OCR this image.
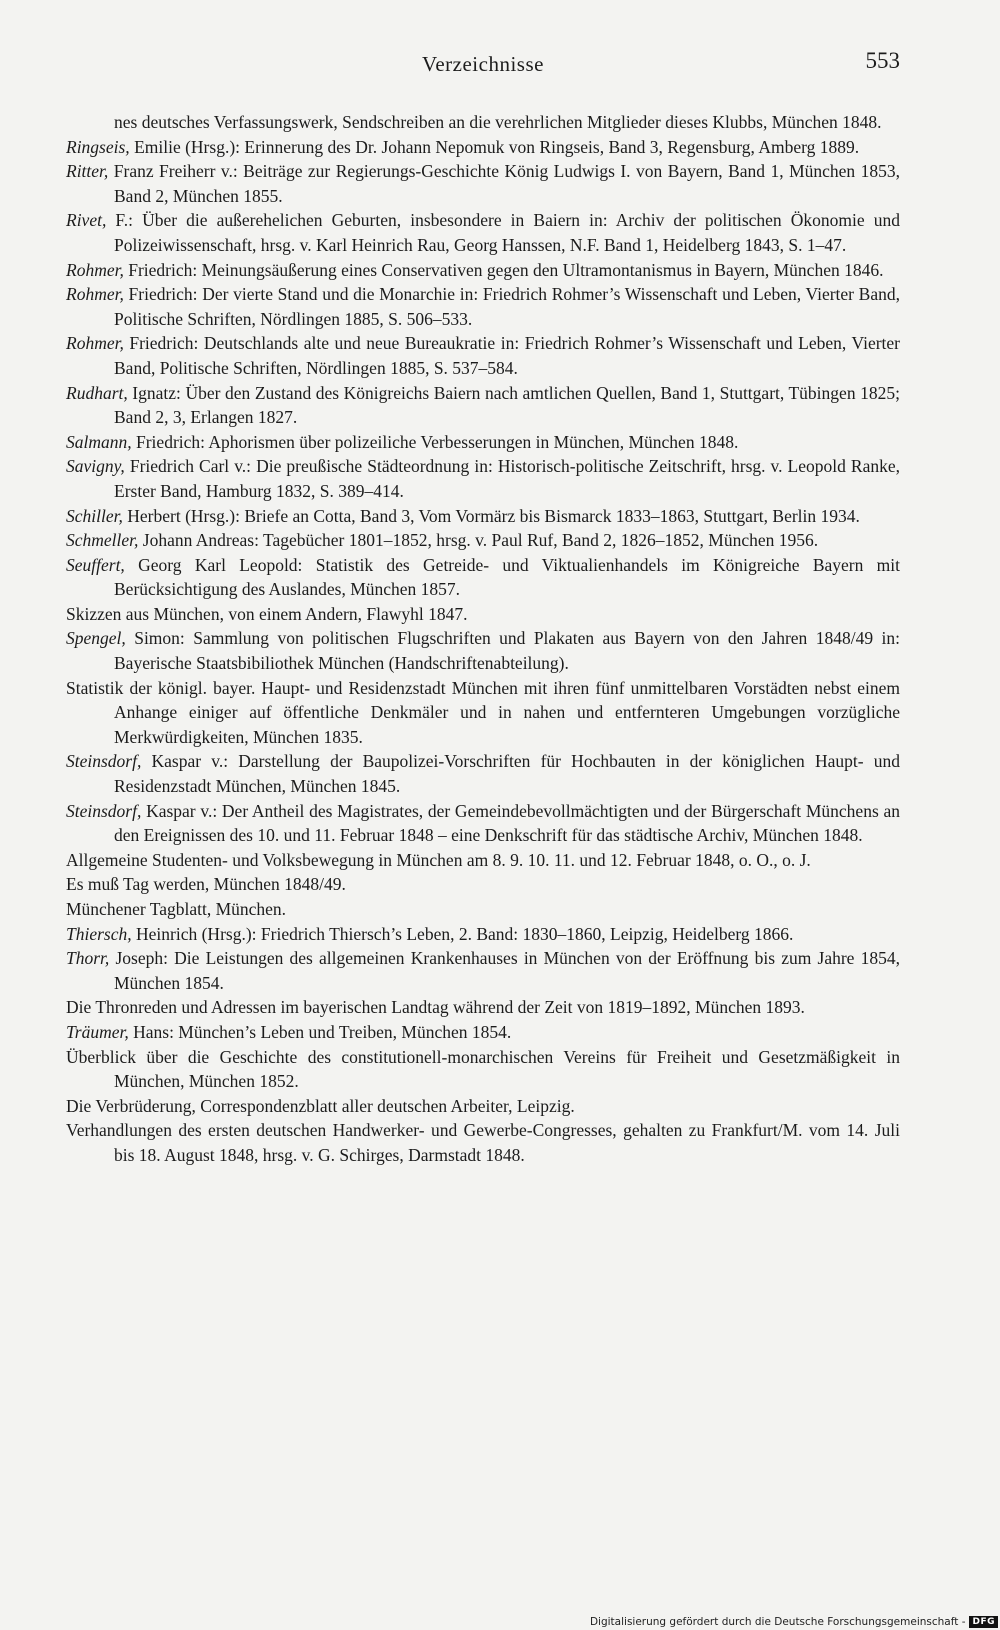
Verzeichnisse	553
nes deutsches Verfassungswerk, Sendschreiben an die verehrlichen Mitglieder dieses Klubbs, München 1848.
Ringseis, Emilie (Hrsg.): Erinnerung des Dr. Johann Nepomuk von Ringseis, Band 3, Regensburg, Amberg 1889.
Ritter, Franz Freiherr v.: Beiträge zur Regierungs-Geschichte König Ludwigs I. von Bayern, Band 1, München 1853, Band 2, München 1855.
Rivet, F.: Über die außerehelichen Geburten, insbesondere in Baiern in: Archiv der politischen Ökonomie und Polizeiwissenschaft, hrsg. v. Karl Heinrich Rau, Georg Hanssen, N.F. Band 1, Heidelberg 1843, S. 1–47.
Rohmer, Friedrich: Meinungsäußerung eines Conservativen gegen den Ultramontanismus in Bayern, München 1846.
Rohmer, Friedrich: Der vierte Stand und die Monarchie in: Friedrich Rohmer’s Wissenschaft und Leben, Vierter Band, Politische Schriften, Nördlingen 1885, S. 506–533.
Rohmer, Friedrich: Deutschlands alte und neue Bureaukratie in: Friedrich Rohmer’s Wissenschaft und Leben, Vierter Band, Politische Schriften, Nördlingen 1885, S. 537–584.
Rudhart, Ignatz: Über den Zustand des Königreichs Baiern nach amtlichen Quellen, Band 1, Stuttgart, Tübingen 1825; Band 2, 3, Erlangen 1827.
Salmann, Friedrich: Aphorismen über polizeiliche Verbesserungen in München, München 1848.
Savigny, Friedrich Carl v.: Die preußische Städteordnung in: Historisch-politische Zeitschrift, hrsg. v. Leopold Ranke, Erster Band, Hamburg 1832, S. 389–414.
Schiller, Herbert (Hrsg.): Briefe an Cotta, Band 3, Vom Vormärz bis Bismarck 1833–1863, Stuttgart, Berlin 1934.
Schmeller, Johann Andreas: Tagebücher 1801–1852, hrsg. v. Paul Ruf, Band 2, 1826–1852, München 1956.
Seuffert, Georg Karl Leopold: Statistik des Getreide- und Viktualienhandels im Königreiche Bayern mit Berücksichtigung des Auslandes, München 1857.
Skizzen aus München, von einem Andern, Flawyhl 1847.
Spengel, Simon: Sammlung von politischen Flugschriften und Plakaten aus Bayern von den Jahren 1848/49 in: Bayerische Staatsbibiliothek München (Handschriftenabteilung).
Statistik der königl. bayer. Haupt- und Residenzstadt München mit ihren fünf unmittelbaren Vorstädten nebst einem Anhange einiger auf öffentliche Denkmäler und in nahen und entfernteren Umgebungen vorzügliche Merkwürdigkeiten, München 1835.
Steinsdorf, Kaspar v.: Darstellung der Baupolizei-Vorschriften für Hochbauten in der königlichen Haupt- und Residenzstadt München, München 1845.
Steinsdorf, Kaspar v.: Der Antheil des Magistrates, der Gemeindebevollmächtigten und der Bürgerschaft Münchens an den Ereignissen des 10. und 11. Februar 1848 – eine Denkschrift für das städtische Archiv, München 1848.
Allgemeine Studenten- und Volksbewegung in München am 8. 9. 10. 11. und 12. Februar 1848, o. O., o. J.
Es muß Tag werden, München 1848/49.
Münchener Tagblatt, München.
Thiersch, Heinrich (Hrsg.): Friedrich Thiersch’s Leben, 2. Band: 1830–1860, Leipzig, Heidelberg 1866.
Thorr, Joseph: Die Leistungen des allgemeinen Krankenhauses in München von der Eröffnung bis zum Jahre 1854, München 1854.
Die Thronreden und Adressen im bayerischen Landtag während der Zeit von 1819–1892, München 1893.
Träumer, Hans: München’s Leben und Treiben, München 1854.
Überblick über die Geschichte des constitutionell-monarchischen Vereins für Freiheit und Gesetzmäßigkeit in München, München 1852.
Die Verbrüderung, Correspondenzblatt aller deutschen Arbeiter, Leipzig.
Verhandlungen des ersten deutschen Handwerker- und Gewerbe-Congresses, gehalten zu Frankfurt/M. vom 14. Juli bis 18. August 1848, hrsg. v. G. Schirges, Darmstadt 1848.
Digitalisierung gefördert durch die Deutsche Forschungsgemeinschaft - DFG
